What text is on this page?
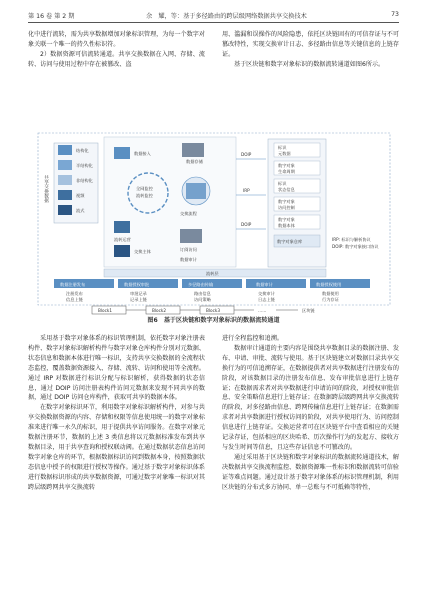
第 16 卷 第 2 期	余　耀，等：基于多径路由的跨层级网络数据共享交换技术	73

化中进行流转，需为共享数据增加对象标识管理，为每一个数字对象关联一个唯一的持久性标识符。

2）数据资源可信流转通道。共享交换数据在入网、存储、流转、访问与使用过程中存在被篡改、盗

用、滥漏和误操作的风险隐患，依托区块链固有的可信存证与不可篡改特性，实现交换审计日志、多径路由信息等关键信息的上链存证。

基于区块链和数字对象标识的数据流转通道如图6所示。

共享交换数据
结构化
半结构化
非结构化
视频
流式
数据接入
数据存储
全网监控
流转监控
交换流程
流转运营
交换主体	订阅访问
数据审计
DOIP
IRP
DOIP
标识
元数据
数字对象
生命周期
标识
状态信息
数字对象
访问控制
数字对象
数据本体
数字对象仓库	IRP: 标识与解析协议
DOIP: 数字对象接口协议
流转层
数据注册发布	数据授权审批	多径路由传输	数据审计	数据授权使用
注册发布
信息上链
审批记录
记录上链
路由信息
访问策略
交换审计
日志上链
数据使用
行为存证
Block1	Block2	Block3	……	区块链
图6 基于区块链和数字对象标识的数据流转通道

采用基于数字对象体系的标识管理机制，依托数字对象注册表构件、数字对象标识解析构件与数字对象仓库构件分别对元数据、状态信息和数据本体进行唯一标识，支持共享交换数据的全流程状态监控，覆盖数据资源接入、存储、流转、访问和使用等全流程。通过 IRP 对数据进行标识分配与标识解析，获得数据的状态信息，通过 DOIP 访问注册表构件访问元数据来发现不同共享的数据，通过 DOIP 访问仓库构件，获取可共享的数据本体。

在数字对象标识环节，利用数字对象标识解析构件，对参与共享交换数据资源的内容、存储和权限等信息使用统一的数字对象标准来进行唯一永久的标识，用于提供共享访问服务。在数字对象元数据注册环节，数据的上述 3 类信息将以元数据标准发布到共享数据目录，用于共享查询和授权联动阈。在通过数据状态信息访问数字对象仓库的环节，根据数据标识访问到数据本身，按照数据状态信息中授予的权限进行授权等操作。通过基于数字对象标识体系进行数据标识形成的共享数据资源，可通过数字对象唯一标识对其跨层级跨网共享交换流转

进行全程监控和追溯。

数据审计通道的主要内容是围绕共享数据目录的数据注册、发布、申请、审批、流转与使用。基于区块链建立对数据目录共享交换行为的可信追溯存证，在数据提供者对共享数据进行注册发布的阶段，对该数据目录的注册发布信息、发布审批信息进行上链存证；在数据需求者对共享数据进行申请访问的阶段，对授权审批信息、安全策略信息进行上链存证；在数据跨层级跨网共享交换流转的阶段，对多径路由信息、跨网传输信息进行上链存证；在数据需求者对共享数据进行授权访问的阶段，对共享使用行为、访问控制信息进行上链存证。交换运营者可在区块链平台中查看相应的关键记录存证，包括相应的区块哈希、历次操作行为的发起方、接收方与发生时间等信息，且这些存证信息不可篡改的。

通过采用基于区块链和数字对象标识的数据流转通道技术，解决数据共享交换流程监控、数据资源唯一性标识和数据流转可信验证等难点问题。通过设计基于数字对象体系的标识管理机制，利用区块链的分布式多方协同、单一总账与不可抵赖等特性，
